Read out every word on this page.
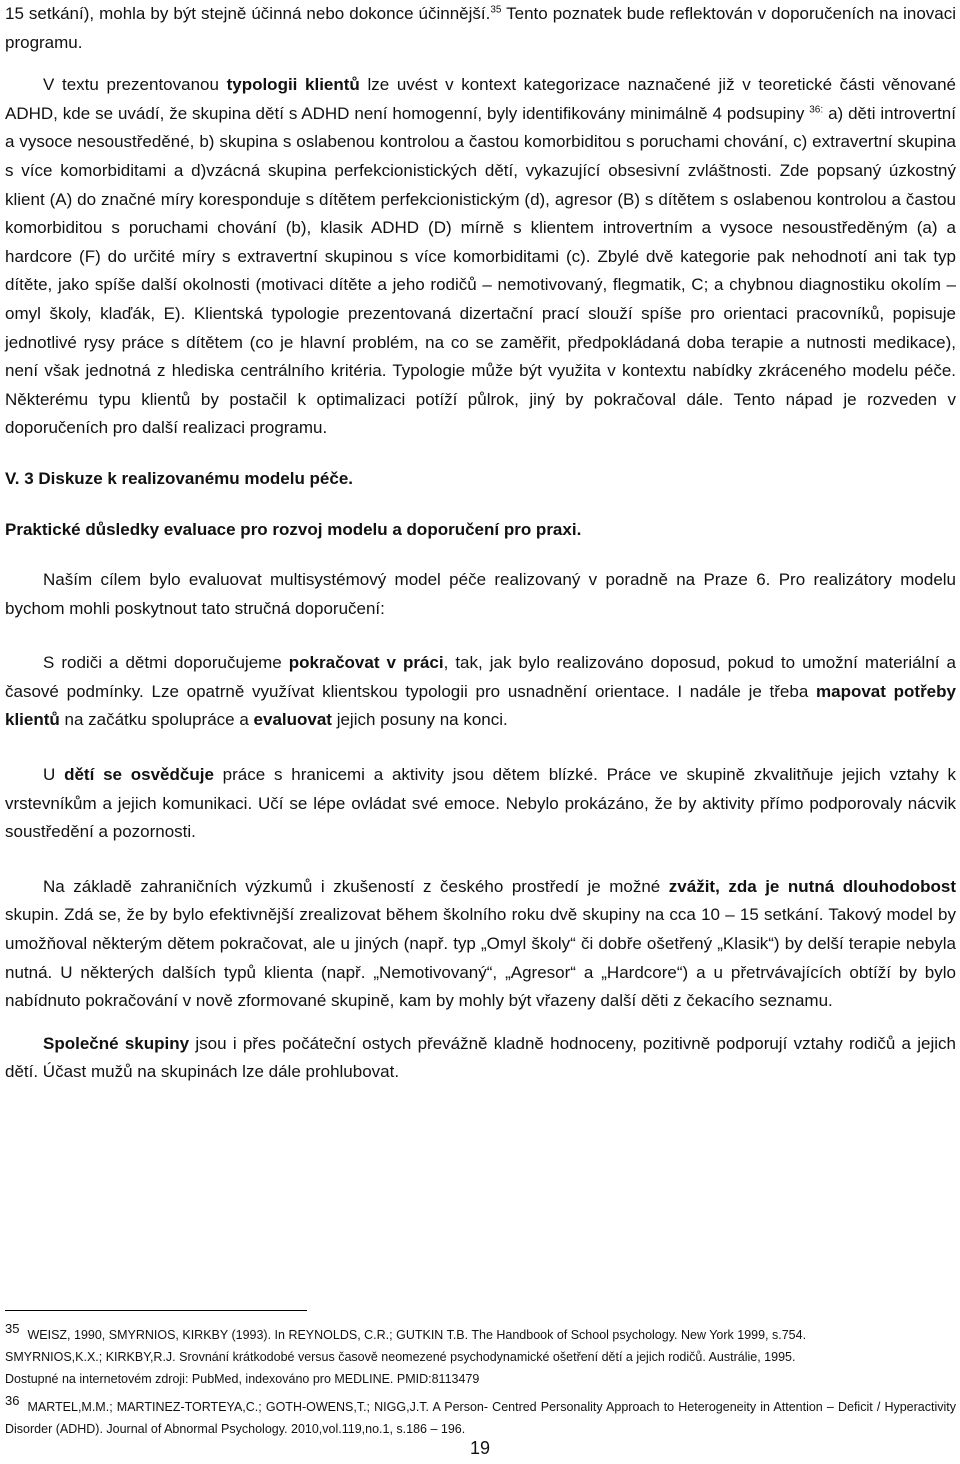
15 setkání), mohla by být stejně účinná nebo dokonce účinnější.$^{35}$ Tento poznatek bude reflektován v doporučeních na inovaci programu.

V textu prezentovanou typologii klientů lze uvést v kontext kategorizace naznačené již v teoretické části věnované ADHD, kde se uvádí, že skupina dětí s ADHD není homogenní, byly identifikovány minimálně 4 podsupiny $^{36:}$ a) děti introvertní a vysoce nesoustředěné, b) skupina s oslabenou kontrolou a častou komorbiditou s poruchami chování, c) extravertní skupina s více komorbiditami a d)vzácná skupina perfekcionistických dětí, vykazující obsesivní zvláštnosti. Zde popsaný úzkostný klient (A) do značné míry koresponduje s dítětem perfekcionistickým (d), agresor (B) s dítětem s oslabenou kontrolou a častou komorbiditou s poruchami chování (b), klasik ADHD (D) mírně s klientem introvertním a vysoce nesoustředěným (a) a hardcore (F) do určité míry s extravertní skupinou s více komorbiditami (c). Zbylé dvě kategorie pak nehodnotí ani tak typ dítěte, jako spíše další okolnosti (motivaci dítěte a jeho rodičů – nemotivovaný, flegmatik, C; a chybnou diagnostiku okolím – omyl školy, klaďák, E). Klientská typologie prezentovaná dizertační prací slouží spíše pro orientaci pracovníků, popisuje jednotlivé rysy práce s dítětem (co je hlavní problém, na co se zaměřit, předpokládaná doba terapie a nutnosti medikace), není však jednotná z hlediska centrálního kritéria. Typologie může být využita v kontextu nabídky zkráceného modelu péče. Některému typu klientů by postačil k optimalizaci potíží půlrok, jiný by pokračoval dále. Tento nápad je rozveden v doporučeních pro další realizaci programu.

V. 3 Diskuze k realizovanému modelu péče.

Praktické důsledky evaluace pro rozvoj modelu a doporučení pro praxi.

Naším cílem bylo evaluovat multisystémový model péče realizovaný v poradně na Praze 6. Pro realizátory modelu bychom mohli poskytnout tato stručná doporučení:

S rodiči a dětmi doporučujeme pokračovat v práci, tak, jak bylo realizováno doposud, pokud to umožní materiální a časové podmínky. Lze opatrně využívat klientskou typologii pro usnadnění orientace. I nadále je třeba mapovat potřeby klientů na začátku spolupráce a evaluovat jejich posuny na konci.

U dětí se osvědčuje práce s hranicemi a aktivity jsou dětem blízké. Práce ve skupině zkvalitňuje jejich vztahy k vrstevníkům a jejich komunikaci. Učí se lépe ovládat své emoce. Nebylo prokázáno, že by aktivity přímo podporovaly nácvik soustředění a pozornosti.

Na základě zahraničních výzkumů i zkušeností z českého prostředí je možné zvážit, zda je nutná dlouhodobost skupin. Zdá se, že by bylo efektivnější zrealizovat během školního roku dvě skupiny na cca 10 – 15 setkání. Takový model by umožňoval některým dětem pokračovat, ale u jiných (např. typ „Omyl školy“ či dobře ošetřený „Klasik“) by delší terapie nebyla nutná. U některých dalších typů klienta (např. „Nemotivovaný“, „Agresor“ a „Hardcore“) a u přetrvávajících obtíží by bylo nabídnuto pokračování v nově zformované skupině, kam by mohly být vřazeny další děti z čekacího seznamu.

Společné skupiny jsou i přes počáteční ostych převážně kladně hodnoceny, pozitivně podporují vztahy rodičů a jejich dětí. Účast mužů na skupinách lze dále prohlubovat.

35 WEISZ, 1990, SMYRNIOS, KIRKBY (1993). In REYNOLDS, C.R.; GUTKIN T.B. The Handbook of School psychology. New York 1999, s.754.

SMYRNIOS,K.X.; KIRKBY,R.J. Srovnání krátkodobé versus časově neomezené psychodynamické ošetření dětí a jejich rodičů. Austrálie, 1995.

Dostupné na internetovém zdroji: PubMed, indexováno pro MEDLINE. PMID:8113479

36 MARTEL,M.M.; MARTINEZ-TORTEYA,C.; GOTH-OWENS,T.; NIGG,J.T. A Person- Centred Personality Approach to Heterogeneity in Attention – Deficit / Hyperactivity Disorder (ADHD). Journal of Abnormal Psychology. 2010,vol.119,no.1, s.186 – 196.

19
